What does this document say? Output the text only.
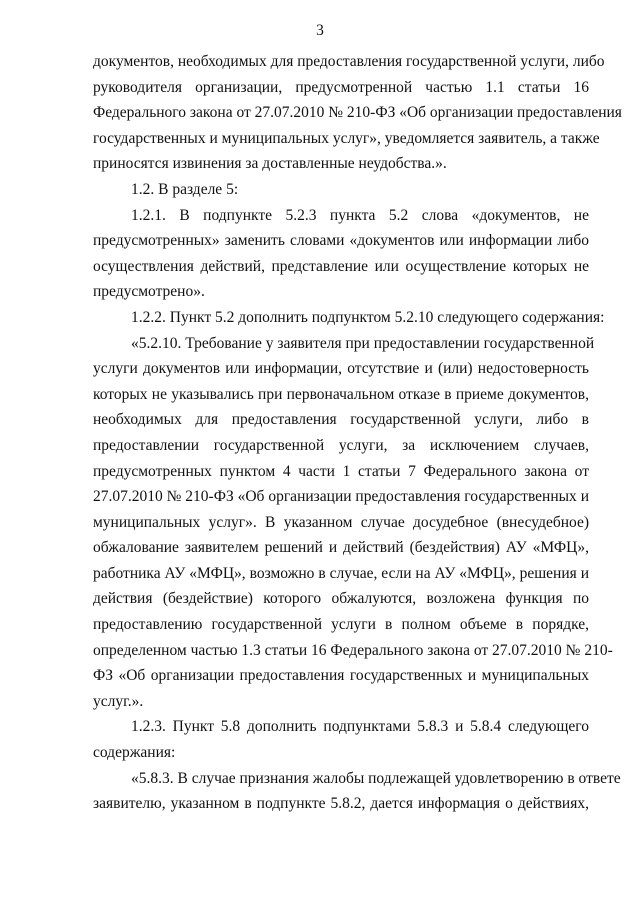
3

документов, необходимых для предоставления государственной услуги, либо

руководителя организации, предусмотренной частью 1.1 статьи 16

Федерального закона от 27.07.2010 № 210-ФЗ «Об организации предоставления

государственных и муниципальных услуг», уведомляется заявитель, а также

приносятся извинения за доставленные неудобства.».

1.2. В разделе 5:

1.2.1. В подпункте 5.2.3 пункта 5.2 слова «документов, не

предусмотренных» заменить словами «документов или информации либо

осуществления действий, представление или осуществление которых не

предусмотрено».

1.2.2. Пункт 5.2 дополнить подпунктом 5.2.10 следующего содержания:

«5.2.10. Требование у заявителя при предоставлении государственной

услуги документов или информации, отсутствие и (или) недостоверность

которых не указывались при первоначальном отказе в приеме документов,

необходимых для предоставления государственной услуги, либо в

предоставлении государственной услуги, за исключением случаев,

предусмотренных пунктом 4 части 1 статьи 7 Федерального закона от

27.07.2010 № 210-ФЗ «Об организации предоставления государственных и

муниципальных услуг». В указанном случае досудебное (внесудебное)

обжалование заявителем решений и действий (бездействия) АУ «МФЦ»,

работника АУ «МФЦ», возможно в случае, если на АУ «МФЦ», решения и

действия (бездействие) которого обжалуются, возложена функция по

предоставлению государственной услуги в полном объеме в порядке,

определенном частью 1.3 статьи 16 Федерального закона от 27.07.2010 № 210-

ФЗ «Об организации предоставления государственных и муниципальных

услуг.».

1.2.3. Пункт 5.8 дополнить подпунктами 5.8.3 и 5.8.4 следующего

содержания:

«5.8.3. В случае признания жалобы подлежащей удовлетворению в ответе

заявителю, указанном в подпункте 5.8.2, дается информация о действиях,
